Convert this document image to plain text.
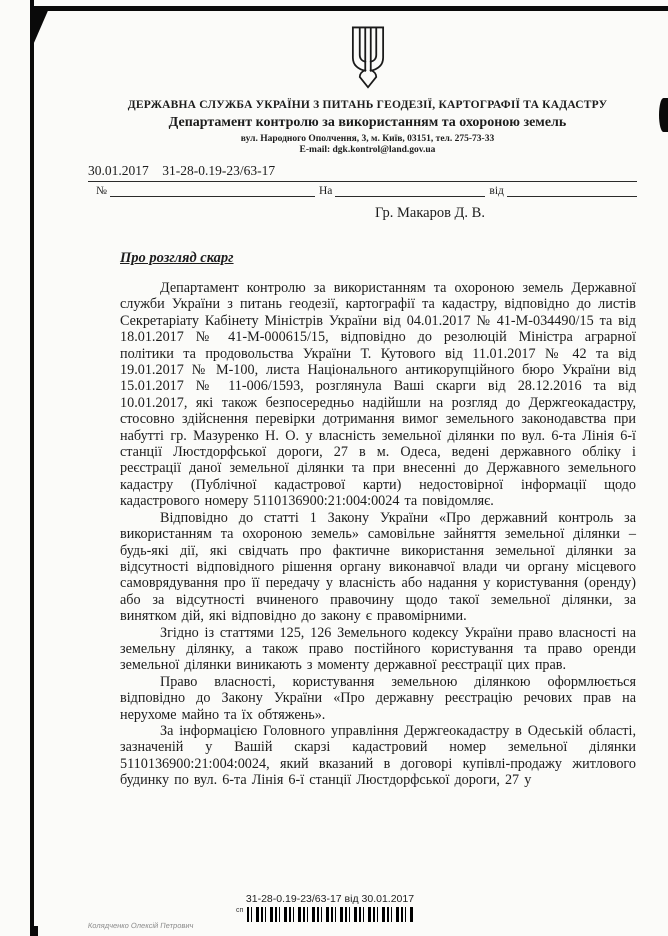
ДЕРЖАВНА СЛУЖБА УКРАЇНИ З ПИТАНЬ ГЕОДЕЗІЇ, КАРТОГРАФІЇ ТА КАДАСТРУ
Департамент контролю за використанням та охороною земель
вул. Народного Ополчення, 3, м. Київ, 03151, тел. 275-73-33
E-mail: dgk.kontrol@land.gov.ua
30.01.2017    31-28-0.19-23/63-17
№	На	від
Гр. Макаров Д. В.
Про розгляд скарг

Департамент контролю за використанням та охороною земель Державної служби України з питань геодезії, картографії та кадастру, відповідно до листів Секретаріату Кабінету Міністрів України від 04.01.2017 № 41-М-034490/15 та від 18.01.2017 № 41-М-000615/15, відповідно до резолюцій Міністра аграрної політики та продовольства України Т. Кутового від 11.01.2017 № 42 та від 19.01.2017 № М-100, листа Національного антикорупційного бюро України від 15.01.2017 № 11-006/1593, розглянула Ваші скарги від 28.12.2016 та від 10.01.2017, які також безпосередньо надійшли на розгляд до Держгеокадастру, стосовно здійснення перевірки дотримання вимог земельного законодавства при набутті гр. Мазуренко Н. О. у власність земельної ділянки по вул. 6-та Лінія 6-ї станції Люстдорфської дороги, 27 в м. Одеса, ведені державного обліку і реєстрації даної земельної ділянки та при внесенні до Державного земельного кадастру (Публічної кадастрової карти) недостовірної інформації щодо кадастрового номеру 5110136900:21:004:0024 та повідомляє.

Відповідно до статті 1 Закону України «Про державний контроль за використанням та охороною земель» самовільне зайняття земельної ділянки – будь-які дії, які свідчать про фактичне використання земельної ділянки за відсутності відповідного рішення органу виконавчої влади чи органу місцевого самоврядування про її передачу у власність або надання у користування (оренду) або за відсутності вчиненого правочину щодо такої земельної ділянки, за винятком дій, які відповідно до закону є правомірними.

Згідно із статтями 125, 126 Земельного кодексу України право власності на земельну ділянку, а також право постійного користування та право оренди земельної ділянки виникають з моменту державної реєстрації цих прав.

Право власності, користування земельною ділянкою оформлюється відповідно до Закону України «Про державну реєстрацію речових прав на нерухоме майно та їх обтяжень».

За інформацією Головного управління Держгеокадастру в Одеській області, зазначеній у Вашій скарзі кадастровий номер земельної ділянки 5110136900:21:004:0024, який вказаний в договорі купівлі-продажу житлового будинку по вул. 6-та Лінія 6-ї станції Люстдорфської дороги, 27 у

31-28-0.19-23/63-17 від 30.01.2017
сп
Колядченко Олексій Петрович
